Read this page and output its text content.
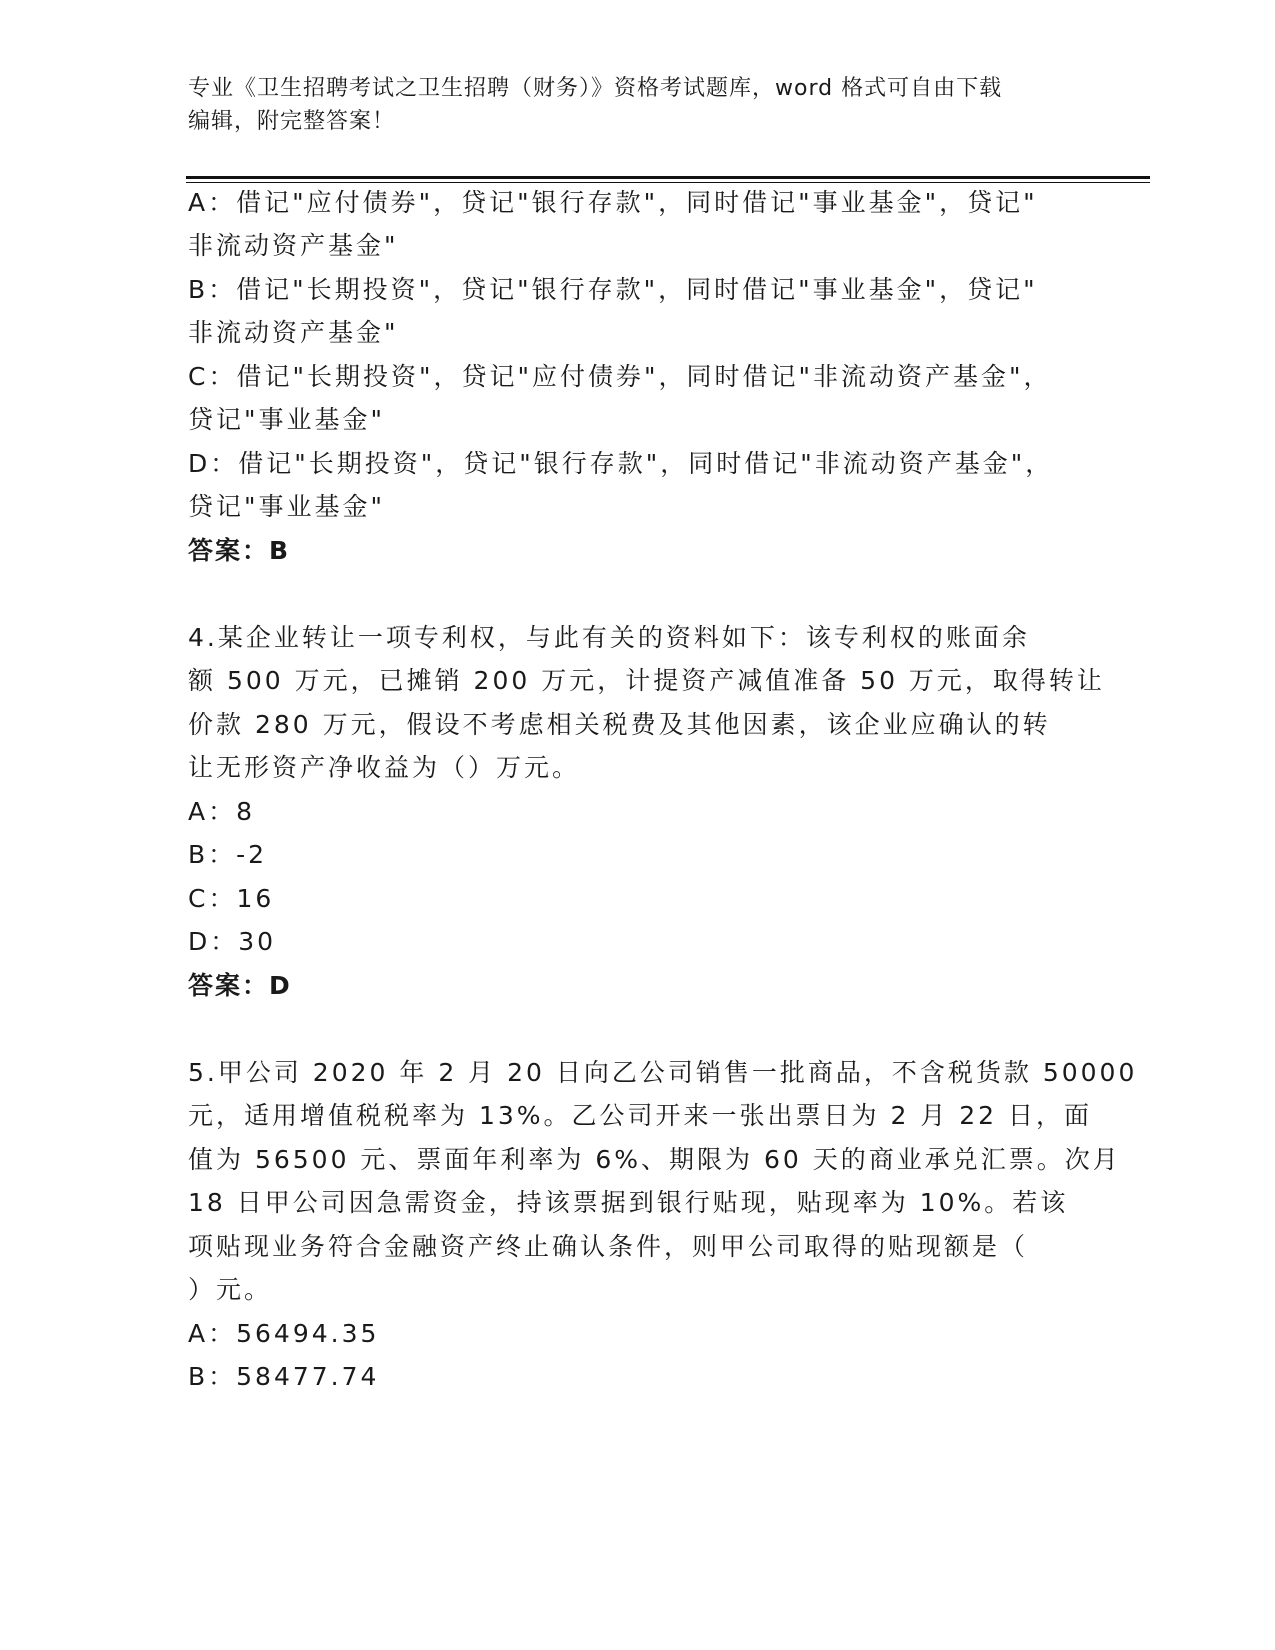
专业《卫生招聘考试之卫生招聘（财务）》资格考试题库，word 格式可自由下载
编辑，附完整答案！
A：借记"应付债券"，贷记"银行存款"，同时借记"事业基金"，贷记"
非流动资产基金"
B：借记"长期投资"，贷记"银行存款"，同时借记"事业基金"，贷记"
非流动资产基金"
C：借记"长期投资"，贷记"应付债券"，同时借记"非流动资产基金"，
贷记"事业基金"
D：借记"长期投资"，贷记"银行存款"，同时借记"非流动资产基金"，
贷记"事业基金"
答案：B
4.某企业转让一项专利权，与此有关的资料如下：该专利权的账面余
额 500 万元，已摊销 200 万元，计提资产减值准备 50 万元，取得转让
价款 280 万元，假设不考虑相关税费及其他因素，该企业应确认的转
让无形资产净收益为（）万元。
A：8
B：-2
C：16
D：30
答案：D
5.甲公司 2020 年 2 月 20 日向乙公司销售一批商品，不含税货款 50000
元，适用增值税税率为 13%。乙公司开来一张出票日为 2 月 22 日，面
值为 56500 元、票面年利率为 6%、期限为 60 天的商业承兑汇票。次月
18 日甲公司因急需资金，持该票据到银行贴现，贴现率为 10%。若该
项贴现业务符合金融资产终止确认条件，则甲公司取得的贴现额是（
）元。
A：56494.35
B：58477.74
